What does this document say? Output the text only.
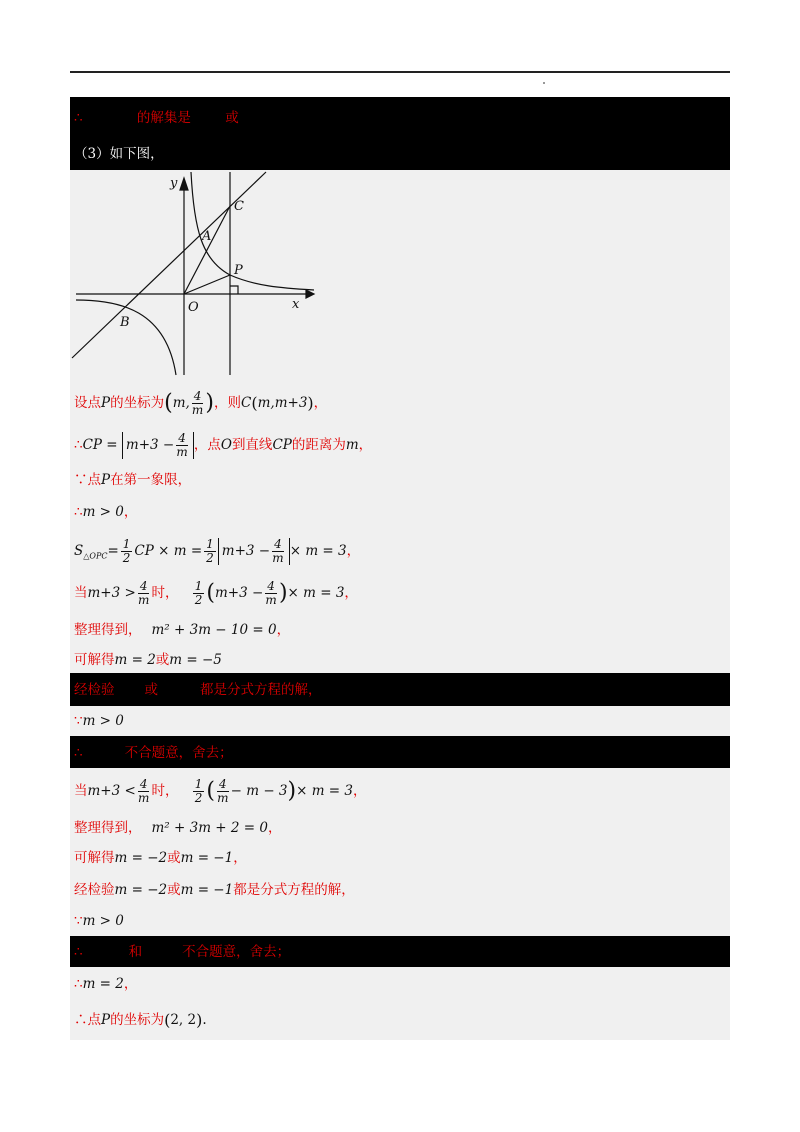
∴	的解集是	或
（3）如下图，
y
x
O
A
B
C
P
设点P的坐标为(m, $\frac{4}{m}$ )，则C(m,m+3)，
∴CP = $m+3 - \frac{4}{m}$ ，点O到直线CP的距离为m，
∵点P在第一象限，
∴m > 0，
$S_{\triangle OPC}= \frac{1}{2}$ CP × $m = \frac{1}{2} m+3 - \frac{4}{m} \times m = 3$，
当$m+3 > \frac{4}{m}$ 时， $\frac{1}{2} (m+3 - \frac{4}{m}$ )× m = 3，
整理得到， m² + 3m − 10 = 0，
可解得m = 2或m = −5
经检验 或	都是分式方程的解，
∵m > 0
∴	不合题意，舍去；
当$m+3 < \frac{4}{m}$ 时， $\frac{1}{2}$ ( $\frac{4}{m} - m - 3)\times m = 3$，
整理得到， m² + 3m + 2 = 0，
可解得m = −2或m = −1，
经检验m = −2或m = −1都是分式方程的解，
∵m > 0
∴	和	不合题意，舍去；
∴m = 2，
∴点P的坐标为(2, 2).
